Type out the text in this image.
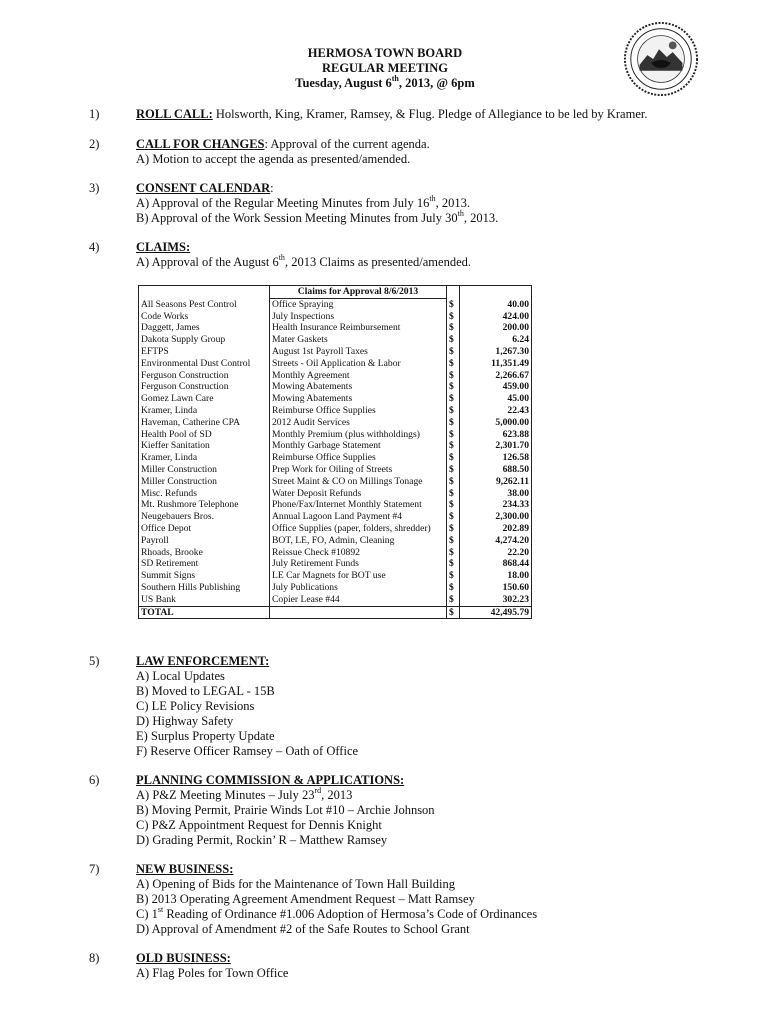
HERMOSA TOWN BOARD
REGULAR MEETING
Tuesday, August 6th, 2013, @ 6pm
1)	ROLL CALL: Holsworth, King, Kramer, Ramsey, & Flug. Pledge of Allegiance to be led by Kramer.
2)	CALL FOR CHANGES: Approval of the current agenda.
A) Motion to accept the agenda as presented/amended.
3)	CONSENT CALENDAR:
A) Approval of the Regular Meeting Minutes from July 16th, 2013.
B) Approval of the Work Session Meeting Minutes from July 30th, 2013.
4)	CLAIMS:
A) Approval of the August 6th, 2013 Claims as presented/amended.
	Claims for Approval 8/6/2013		
All Seasons Pest Control	Office Spraying	$	40.00
Code Works	July Inspections	$	424.00
Daggett, James	Health Insurance Reimbursement	$	200.00
Dakota Supply Group	Mater Gaskets	$	6.24
EFTPS	August 1st Payroll Taxes	$	1,267.30
Environmental Dust Control	Streets - Oil Application & Labor	$	11,351.49
Ferguson Construction	Monthly Agreement	$	2,266.67
Ferguson Construction	Mowing Abatements	$	459.00
Gomez Lawn Care	Mowing Abatements	$	45.00
Kramer, Linda	Reimburse Office Supplies	$	22.43
Haveman, Catherine CPA	2012 Audit Services	$	5,000.00
Health Pool of SD	Monthly Premium (plus withholdings)	$	623.88
Kieffer Sanitation	Monthly Garbage Statement	$	2,301.70
Kramer, Linda	Reimburse Office Supplies	$	126.58
Miller Construction	Prep Work for Oiling of Streets	$	688.50
Miller Construction	Street Maint & CO on Millings Tonage	$	9,262.11
Misc. Refunds	Water Deposit Refunds	$	38.00
Mt. Rushmore Telephone	Phone/Fax/Internet Monthly Statement	$	234.33
Neugebauers Bros.	Annual Lagoon Land Payment #4	$	2,300.00
Office Depot	Office Supplies (paper, folders, shredder)	$	202.89
Payroll	BOT, LE, FO, Admin, Cleaning	$	4,274.20
Rhoads, Brooke	Reissue Check #10892	$	22.20
SD Retirement	July Retirement Funds	$	868.44
Summit Signs	LE Car Magnets for BOT use	$	18.00
Southern Hills Publishing	July Publications	$	150.60
US Bank	Copier Lease #44	$	302.23
TOTAL		$	42,495.79
5)	LAW ENFORCEMENT:
A) Local Updates
B) Moved to LEGAL - 15B
C) LE Policy Revisions
D) Highway Safety
E) Surplus Property Update
F) Reserve Officer Ramsey – Oath of Office
6)	PLANNING COMMISSION & APPLICATIONS:
A) P&Z Meeting Minutes – July 23rd, 2013
B) Moving Permit, Prairie Winds Lot #10 – Archie Johnson
C) P&Z Appointment Request for Dennis Knight
D) Grading Permit, Rockin’ R – Matthew Ramsey
7)	NEW BUSINESS:
A) Opening of Bids for the Maintenance of Town Hall Building
B) 2013 Operating Agreement Amendment Request – Matt Ramsey
C) 1st Reading of Ordinance #1.006 Adoption of Hermosa’s Code of Ordinances
D) Approval of Amendment #2 of the Safe Routes to School Grant
8)	OLD BUSINESS:
A) Flag Poles for Town Office
